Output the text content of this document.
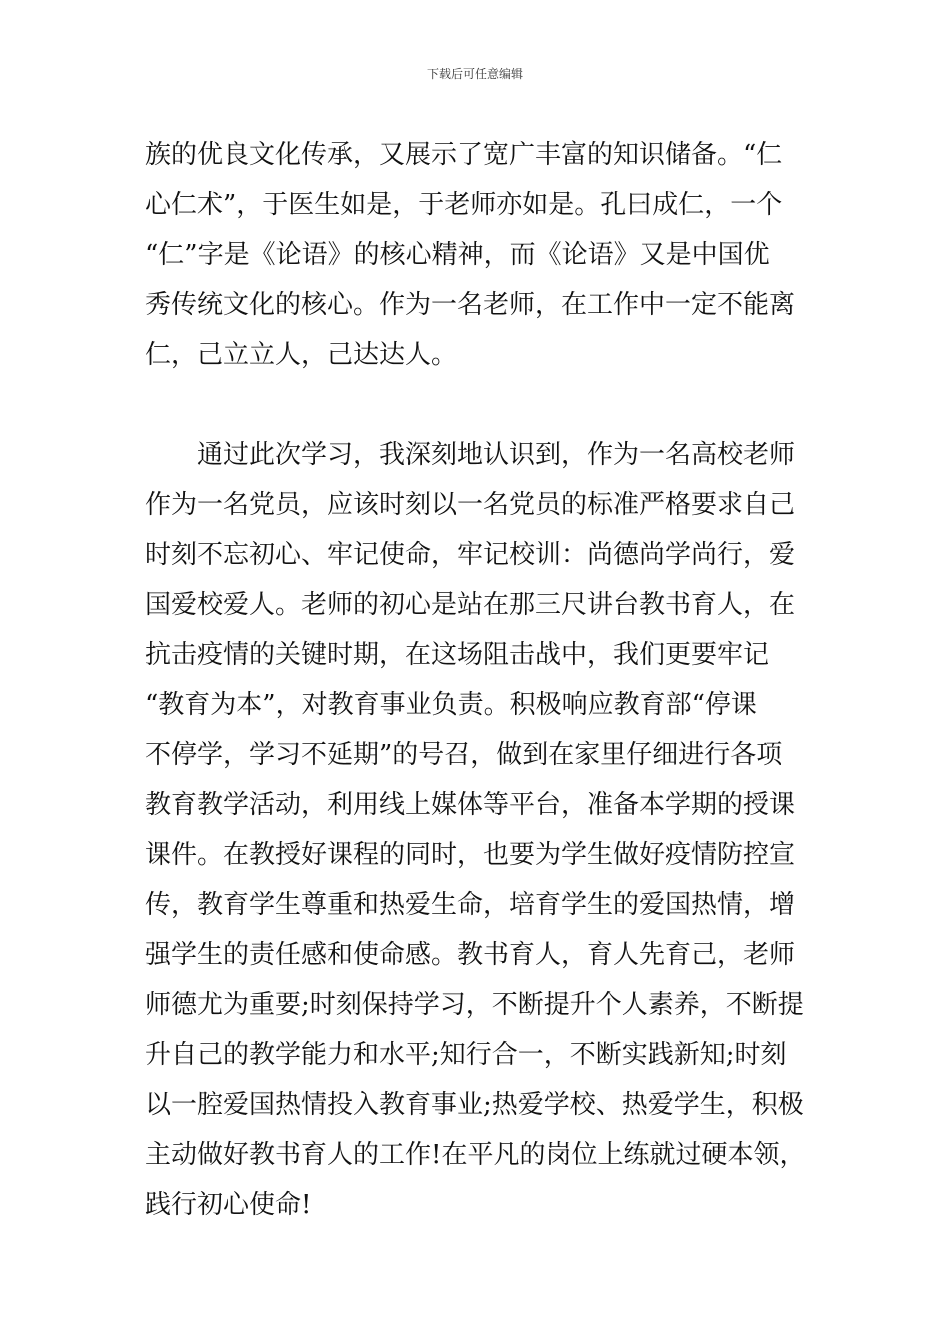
下载后可任意编辑
族的优良文化传承，又展示了宽广丰富的知识储备。“仁
心仁术”，于医生如是，于老师亦如是。孔曰成仁，一个
“仁”字是《论语》的核心精神，而《论语》又是中国优
秀传统文化的核心。作为一名老师，在工作中一定不能离
仁，己立立人，己达达人。
通过此次学习，我深刻地认识到，作为一名高校老师
作为一名党员，应该时刻以一名党员的标准严格要求自己
时刻不忘初心、牢记使命，牢记校训：尚德尚学尚行，爱
国爱校爱人。老师的初心是站在那三尺讲台教书育人，在
抗击疫情的关键时期，在这场阻击战中，我们更要牢记
“教育为本”，对教育事业负责。积极响应教育部“停课
不停学，学习不延期”的号召，做到在家里仔细进行各项
教育教学活动，利用线上媒体等平台，准备本学期的授课
课件。在教授好课程的同时，也要为学生做好疫情防控宣
传，教育学生尊重和热爱生命，培育学生的爱国热情，增
强学生的责任感和使命感。教书育人，育人先育己，老师
师德尤为重要;时刻保持学习，不断提升个人素养，不断提
升自己的教学能力和水平;知行合一，不断实践新知;时刻
以一腔爱国热情投入教育事业;热爱学校、热爱学生，积极
主动做好教书育人的工作!在平凡的岗位上练就过硬本领，
践行初心使命!
